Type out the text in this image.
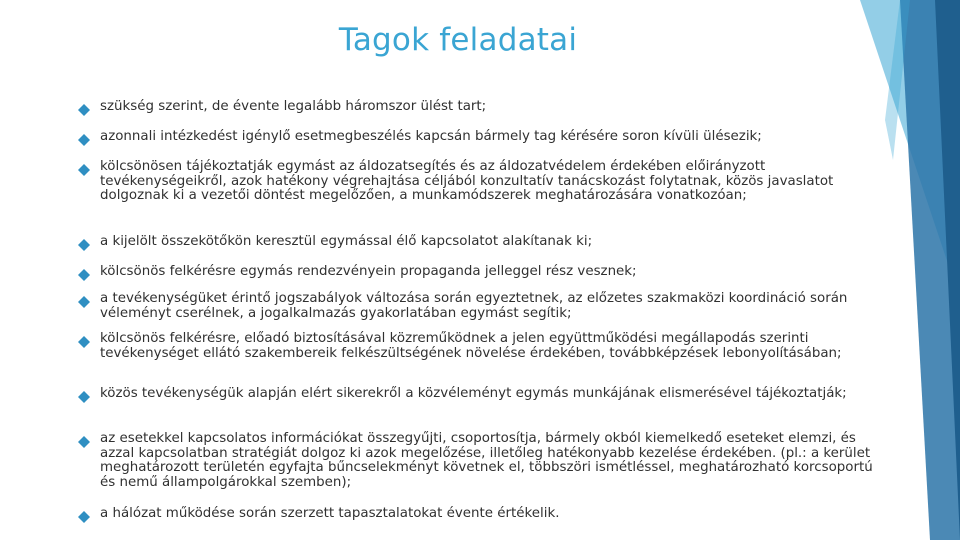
Tagok feladatai
szükség szerint, de évente legalább háromszor ülést tart;
azonnali intézkedést igénylő esetmegbeszélés kapcsán bármely tag kérésére soron kívüli ülésezik;
kölcsönösen tájékoztatják egymást az áldozatsegítés és az áldozatvédelem érdekében előirányzott tevékenységeikről, azok hatékony végrehajtása céljából konzultatív tanácskozást folytatnak, közös javaslatot dolgoznak ki a vezetői döntést megelőzően, a munkamódszerek meghatározására vonatkozóan;
a kijelölt összekötőkön keresztül egymással élő kapcsolatot alakítanak ki;
kölcsönös felkérésre egymás rendezvényein propaganda jelleggel rész vesznek;
a tevékenységüket érintő jogszabályok változása során egyeztetnek, az előzetes szakmaközi koordináció során véleményt cserélnek, a jogalkalmazás gyakorlatában egymást segítik;
kölcsönös felkérésre, előadó biztosításával közreműködnek a jelen együttműködési megállapodás szerinti tevékenységet ellátó szakembereik felkészültségének növelése érdekében, továbbképzések lebonyolításában;
közös tevékenységük alapján elért sikerekről a közvéleményt egymás munkájának elismerésével tájékoztatják;
az esetekkel kapcsolatos információkat összegyűjti, csoportosítja, bármely okból kiemelkedő eseteket elemzi, és azzal kapcsolatban stratégiát dolgoz ki azok megelőzése, illetőleg hatékonyabb kezelése érdekében. (pl.: a kerület meghatározott területén egyfajta bűncselekményt követnek el, többszöri ismétléssel, meghatározható korcsoportú és nemű állampolgárokkal szemben);
a hálózat működése során szerzett tapasztalatokat évente értékelik.
